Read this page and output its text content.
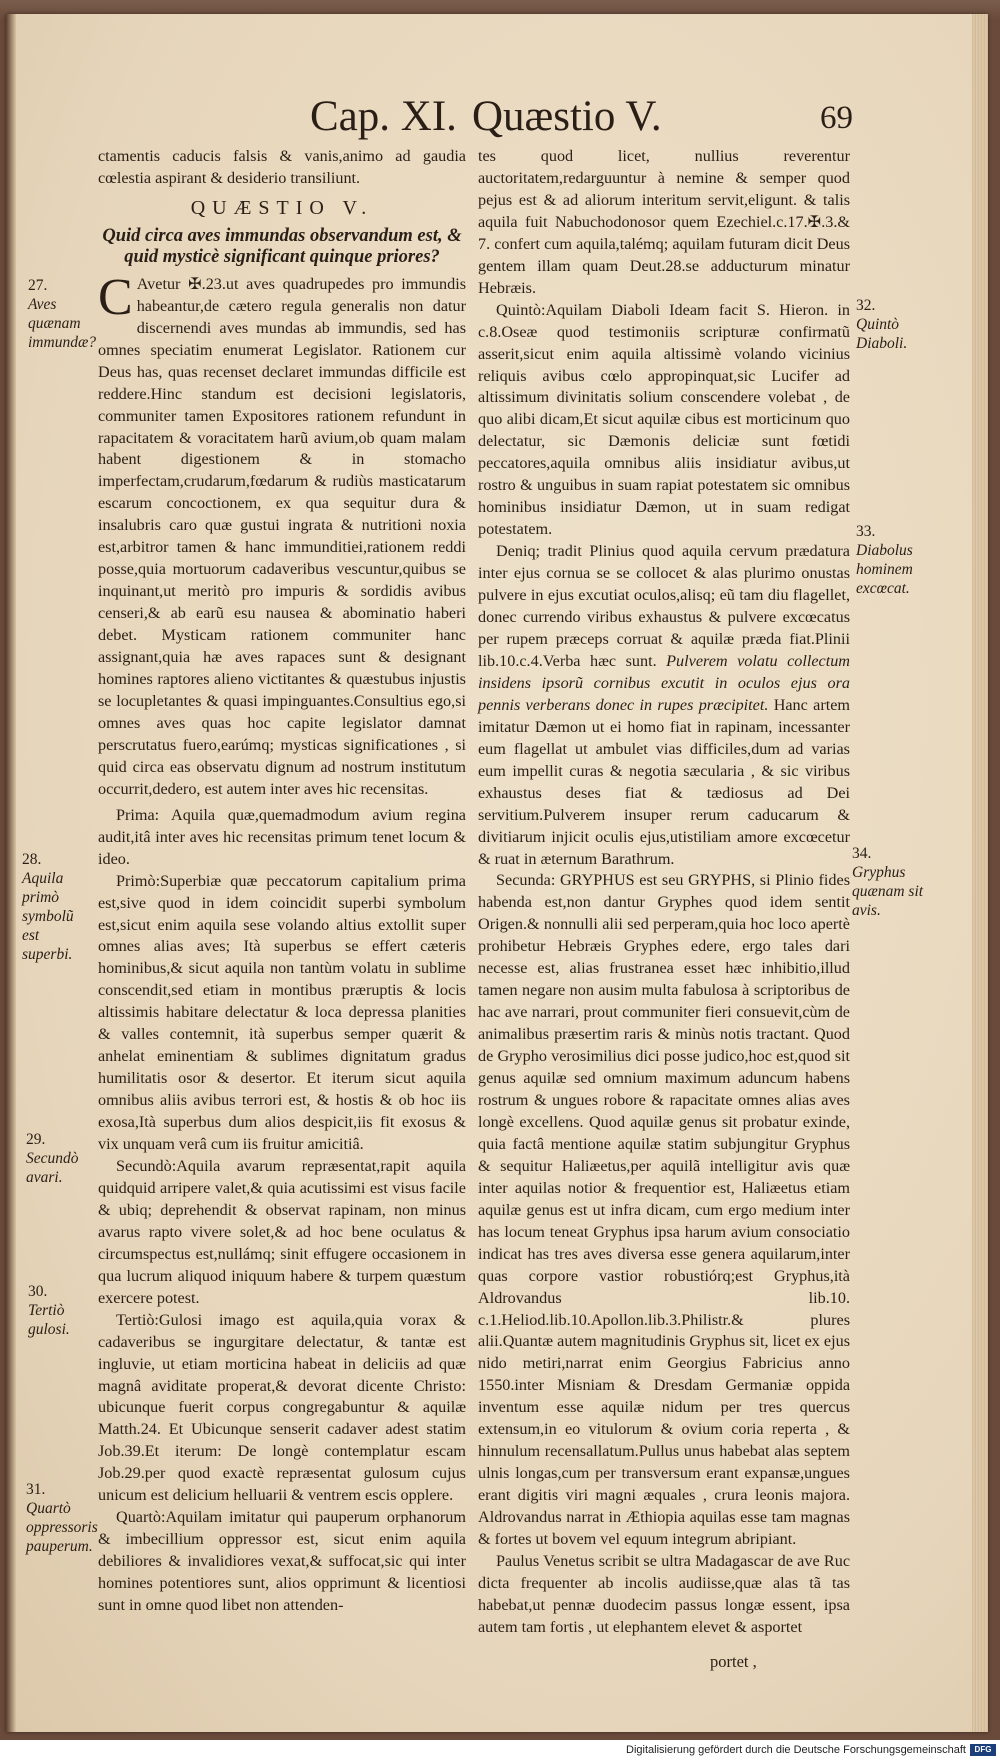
Cap. XI. Quæstio V.	69

ctamentis caducis falsis & vanis,animo ad gaudia cœlestia aspirant & desiderio transiliunt.

QUÆSTIO V.
Quid circa aves immundas observandum est, & quid mysticè significant quinque priores?

C Avetur ✠.23.ut aves quadrupedes pro immundis habeantur,de cætero regula generalis non datur discernendi aves mundas ab immundis, sed has omnes speciatim enumerat Legislator. Rationem cur Deus has, quas recenset declaret immundas difficile est reddere.Hinc standum est decisioni legislatoris, communiter tamen Expositores rationem refundunt in rapacitatem & voracitatem harũ avium,ob quam malam habent digestionem & in stomacho imperfectam,crudarum,fœdarum & rudiùs masticatarum escarum concoctionem, ex qua sequitur dura & insalubris caro quæ gustui ingrata & nutritioni noxia est,arbitror tamen & hanc immunditiei,rationem reddi posse,quia mortuorum cadaveribus vescuntur,quibus se inquinant,ut meritò pro impuris & sordidis avibus censeri,& ab earũ esu nausea & abominatio haberi debet. Mysticam rationem communiter hanc assignant,quia hæ aves rapaces sunt & designant homines raptores alieno victitantes & quæstubus injustis se locupletantes & quasi impinguantes.Consultius ego,si omnes aves quas hoc capite legislator damnat perscrutatus fuero,earúmq; mysticas significationes , si quid circa eas observatu dignum ad nostrum institutum occurrit,dedero, est autem inter aves hic recensitas.

Prima: Aquila quæ,quemadmodum avium regina audit,itâ inter aves hic recensitas primum tenet locum & ideo.

Primò:Superbiæ quæ peccatorum capitalium prima est,sive quod in idem coincidit superbi symbolum est,sicut enim aquila sese volando altius extollit super omnes alias aves; Ità superbus se effert cæteris hominibus,& sicut aquila non tantùm volatu in sublime conscendit,sed etiam in montibus præruptis & locis altissimis habitare delectatur & loca depressa planities & valles contemnit, ità superbus semper quærit & anhelat eminentiam & sublimes dignitatum gradus humilitatis osor & desertor. Et iterum sicut aquila omnibus aliis avibus terrori est, & hostis & ob hoc iis exosa,Ità superbus dum alios despicit,iis fit exosus & vix unquam verâ cum iis fruitur amicitiâ.

Secundò:Aquila avarum repræsentat,rapit aquila quidquid arripere valet,& quia acutissimi est visus facile & ubiq; deprehendit & observat rapinam, non minus avarus rapto vivere solet,& ad hoc bene oculatus & circumspectus est,nullámq; sinit effugere occasionem in qua lucrum aliquod iniquum habere & turpem quæstum exercere potest.

Tertiò:Gulosi imago est aquila,quia vorax & cadaveribus se ingurgitare delectatur, & tantæ est ingluvie, ut etiam morticina habeat in deliciis ad quæ magnâ aviditate properat,& devorat dicente Christo: ubicunque fuerit corpus congregabuntur & aquilæ Matth.24. Et Ubicunque senserit cadaver adest statim Job.39.Et iterum: De longè contemplatur escam Job.29.per quod exactè repræsentat gulosum cujus unicum est delicium helluarii & ventrem escis opplere.

Quartò:Aquilam imitatur qui pauperum orphanorum & imbecillium oppressor est, sicut enim aquila debiliores & invalidiores vexat,& suffocat,sic qui inter homines potentiores sunt, alios opprimunt & licentiosi sunt in omne quod libet non attenden-

tes quod licet, nullius reverentur auctoritatem,redarguuntur à nemine & semper quod pejus est & ad aliorum interitum servit,eligunt. & talis aquila fuit Nabuchodonosor quem Ezechiel.c.17.✠.3.& 7. confert cum aquila,talémq; aquilam futuram dicit Deus gentem illam quam Deut.28.se adducturum minatur Hebræis.

Quintò:Aquilam Diaboli Ideam facit S. Hieron. in c.8.Oseæ quod testimoniis scripturæ confirmatũ asserit,sicut enim aquila altissimè volando vicinius reliquis avibus cœlo appropinquat,sic Lucifer ad altissimum divinitatis solium conscendere volebat , de quo alibi dicam,Et sicut aquilæ cibus est morticinum quo delectatur, sic Dæmonis deliciæ sunt fœtidi peccatores,aquila omnibus aliis insidiatur avibus,ut rostro & unguibus in suam rapiat potestatem sic omnibus hominibus insidiatur Dæmon, ut in suam redigat potestatem.

Deniq; tradit Plinius quod aquila cervum prædatura inter ejus cornua se se collocet & alas plurimo onustas pulvere in ejus excutiat oculos,alisq; eũ tam diu flagellet, donec currendo viribus exhaustus & pulvere excœcatus per rupem præceps corruat & aquilæ præda fiat.Plinii lib.10.c.4.Verba hæc sunt. Pulverem volatu collectum insidens ipsorũ cornibus excutit in oculos ejus ora pennis verberans donec in rupes præcipitet. Hanc artem imitatur Dæmon ut ei homo fiat in rapinam, incessanter eum flagellat ut ambulet vias difficiles,dum ad varias eum impellit curas & negotia sæcularia , & sic viribus exhaustus deses fiat & tædiosus ad Dei servitium.Pulverem insuper rerum caducarum & divitiarum injicit oculis ejus,utistiliam amore excœcetur & ruat in æternum Barathrum.

Secunda: GRYPHUS est seu GRYPHS, si Plinio fides habenda est,non dantur Gryphes quod idem sentit Origen.& nonnulli alii sed perperam,quia hoc loco apertè prohibetur Hebræis Gryphes edere, ergo tales dari necesse est, alias frustranea esset hæc inhibitio,illud tamen negare non ausim multa fabulosa à scriptoribus de hac ave narrari, prout communiter fieri consuevit,cùm de animalibus præsertim raris & minùs notis tractant. Quod de Grypho verosimilius dici posse judico,hoc est,quod sit genus aquilæ sed omnium maximum aduncum habens rostrum & ungues robore & rapacitate omnes alias aves longè excellens. Quod aquilæ genus sit probatur exinde, quia factâ mentione aquilæ statim subjungitur Gryphus & sequitur Haliæetus,per aquilã intelligitur avis quæ inter aquilas notior & frequentior est, Haliæetus etiam aquilæ genus est ut infra dicam, cum ergo medium inter has locum teneat Gryphus ipsa harum avium consociatio indicat has tres aves diversa esse genera aquilarum,inter quas corpore vastior robustiórq;est Gryphus,ità Aldrovandus lib.10. c.1.Heliod.lib.10.Apollon.lib.3.Philistr.& plures alii.Quantæ autem magnitudinis Gryphus sit, licet ex ejus nido metiri,narrat enim Georgius Fabricius anno 1550.inter Misniam & Dresdam Germaniæ oppida inventum esse aquilæ nidum per tres quercus extensum,in eo vitulorum & ovium coria reperta , & hinnulum recensallatum.Pullus unus habebat alas septem ulnis longas,cum per transversum erant expansæ,ungues erant digitis viri magni æquales , crura leonis majora. Aldrovandus narrat in Æthiopia aquilas esse tam magnas & fortes ut bovem vel equum integrum abripiant.

Paulus Venetus scribit se ultra Madagascar de ave Ruc dicta frequenter ab incolis audiisse,quæ alas tã tas habebat,ut pennæ duodecim passus longæ essent, ipsa autem tam fortis , ut elephantem elevet & asportet

27.
Aves quænam immundæ?
28.
Aquila primò symbolũ est superbi.
29.
Secundò avari.
30.
Tertiò gulosi.
31.
Quartò oppressoris pauperum.
32.
Quintò Diaboli.
33.
Diabolus hominem excœcat.
34.
Gryphus quænam sit avis.
portet ,
Digitalisierung gefördert durch die Deutsche Forschungsgemeinschaft	DFG
